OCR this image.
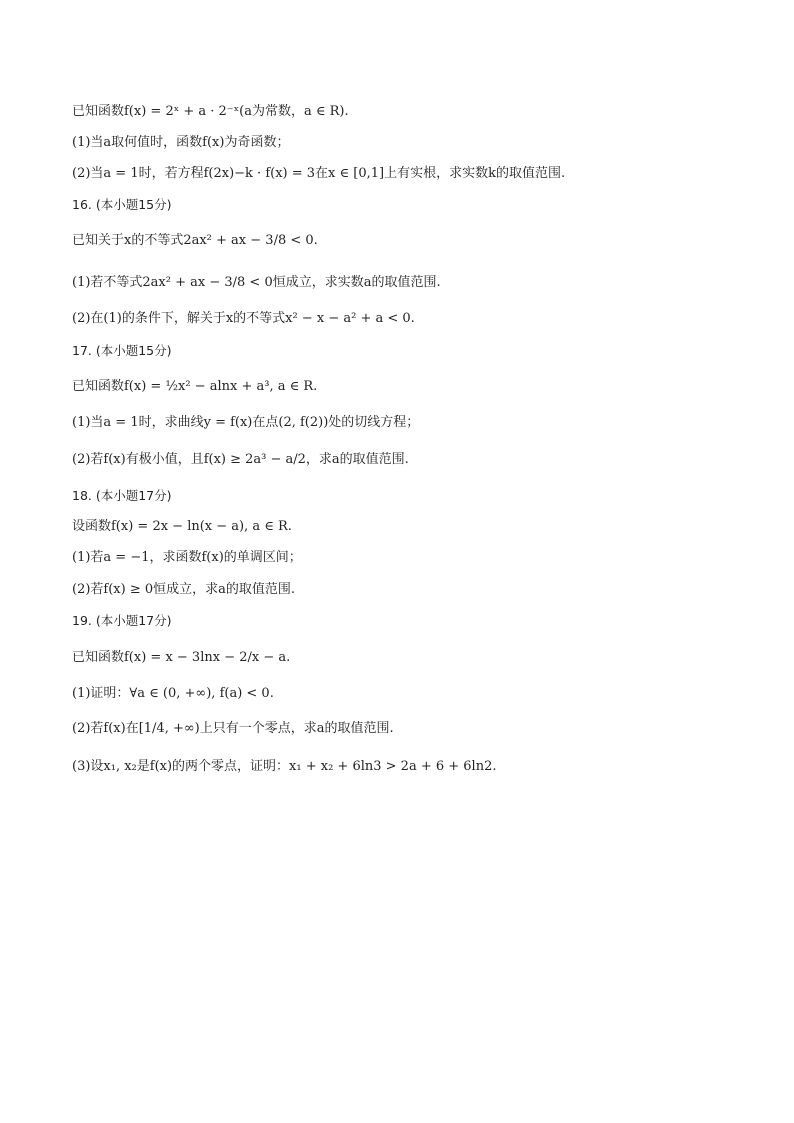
已知函数f(x) = 2ˣ + a · 2⁻ˣ(a为常数，a ∈ R).
(1)当a取何值时，函数f(x)为奇函数；
(2)当a = 1时，若方程f(2x)−k · f(x) = 3在x ∈ [0,1]上有实根，求实数k的取值范围.
16. (本小题15分)
已知关于x的不等式2ax² + ax − 3/8 < 0.
(1)若不等式2ax² + ax − 3/8 < 0恒成立，求实数a的取值范围.
(2)在(1)的条件下，解关于x的不等式x² − x − a² + a < 0.
17. (本小题15分)
已知函数f(x) = ½x² − alnx + a³, a ∈ R.
(1)当a = 1时，求曲线y = f(x)在点(2, f(2))处的切线方程；
(2)若f(x)有极小值，且f(x) ≥ 2a³ − a/2，求a的取值范围.
18. (本小题17分)
设函数f(x) = 2x − ln(x − a), a ∈ R.
(1)若a = −1，求函数f(x)的单调区间；
(2)若f(x) ≥ 0恒成立，求a的取值范围.
19. (本小题17分)
已知函数f(x) = x − 3lnx − 2/x − a.
(1)证明：∀a ∈ (0, +∞), f(a) < 0.
(2)若f(x)在[1/4, +∞)上只有一个零点，求a的取值范围.
(3)设x₁, x₂是f(x)的两个零点，证明：x₁ + x₂ + 6ln3 > 2a + 6 + 6ln2.
